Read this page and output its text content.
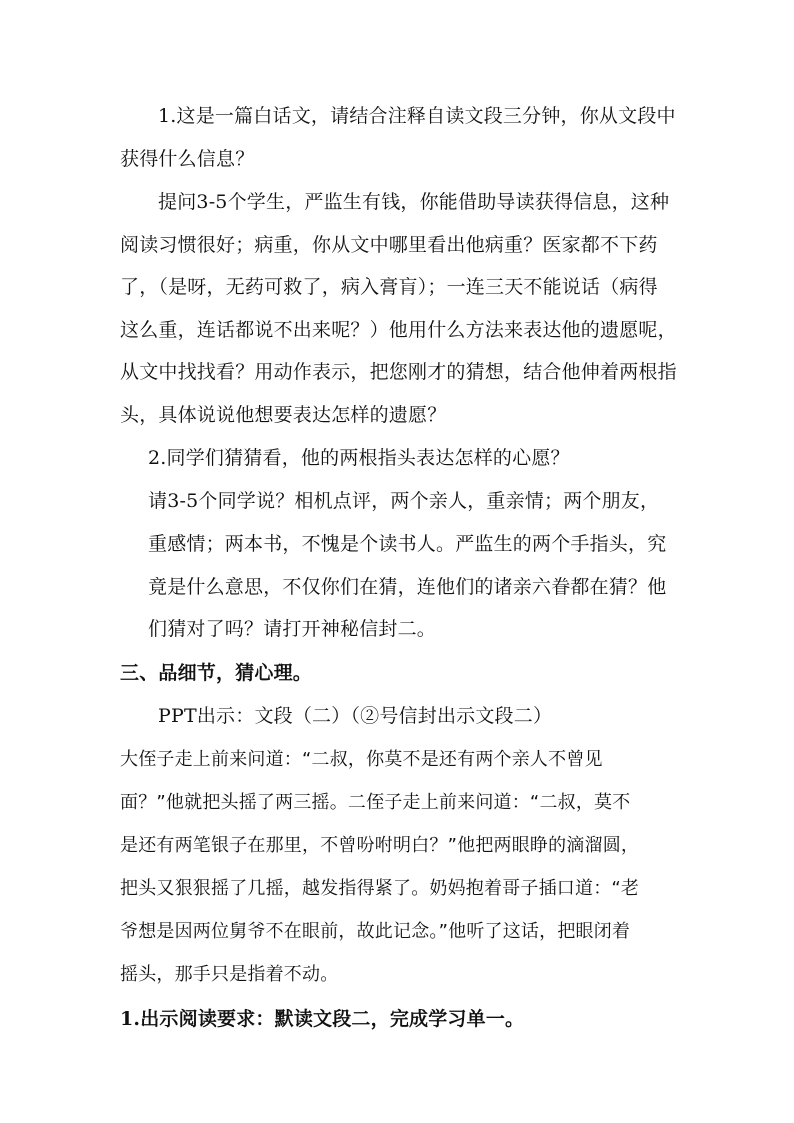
1.这是一篇白话文，请结合注释自读文段三分钟，你从文段中
获得什么信息？
提问3-5个学生，严监生有钱，你能借助导读获得信息，这种
阅读习惯很好；病重，你从文中哪里看出他病重？医家都不下药
了，（是呀，无药可救了，病入膏肓）；一连三天不能说话（病得
这么重，连话都说不出来呢？）他用什么方法来表达他的遗愿呢，
从文中找找看？用动作表示，把您刚才的猜想，结合他伸着两根指
头，具体说说他想要表达怎样的遗愿？
2.同学们猜猜看，他的两根指头表达怎样的心愿？
请3-5个同学说？相机点评，两个亲人，重亲情；两个朋友，
重感情；两本书，不愧是个读书人。严监生的两个手指头，究
竟是什么意思，不仅你们在猜，连他们的诸亲六眷都在猜？他
们猜对了吗？请打开神秘信封二。
三、品细节，猜心理。
PPT出示：文段（二）（②号信封出示文段二）
大侄子走上前来问道：“二叔，你莫不是还有两个亲人不曾见
面？”他就把头摇了两三摇。二侄子走上前来问道：“二叔，莫不
是还有两笔银子在那里，不曾吩咐明白？”他把两眼睁的滴溜圆，
把头又狠狠摇了几摇，越发指得紧了。奶妈抱着哥子插口道：“老
爷想是因两位舅爷不在眼前，故此记念。”他听了这话，把眼闭着
摇头，那手只是指着不动。
1.出示阅读要求：默读文段二，完成学习单一。
